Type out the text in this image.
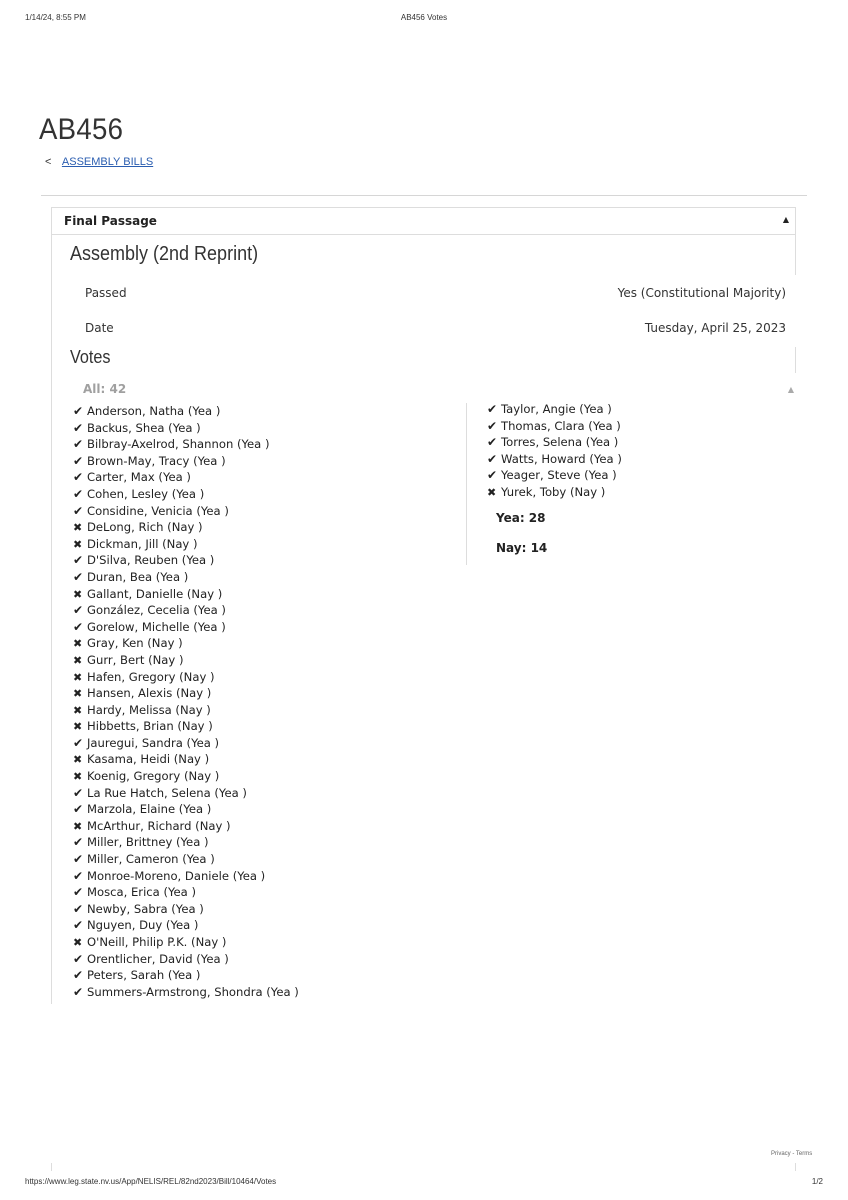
1/14/24, 8:55 PM	AB456 Votes
AB456
< ASSEMBLY BILLS
Final Passage	▲
Assembly (2nd Reprint)
Passed	Yes (Constitutional Majority)
Date	Tuesday, April 25, 2023
Votes
All: 42	▲
✔ Anderson, Natha (Yea )
✔ Backus, Shea (Yea )
✔ Bilbray-Axelrod, Shannon (Yea )
✔ Brown-May, Tracy (Yea )
✔ Carter, Max (Yea )
✔ Cohen, Lesley (Yea )
✔ Considine, Venicia (Yea )
✖ DeLong, Rich (Nay )
✖ Dickman, Jill (Nay )
✔ D'Silva, Reuben (Yea )
✔ Duran, Bea (Yea )
✖ Gallant, Danielle (Nay )
✔ González, Cecelia (Yea )
✔ Gorelow, Michelle (Yea )
✖ Gray, Ken (Nay )
✖ Gurr, Bert (Nay )
✖ Hafen, Gregory (Nay )
✖ Hansen, Alexis (Nay )
✖ Hardy, Melissa (Nay )
✖ Hibbetts, Brian (Nay )
✔ Jauregui, Sandra (Yea )
✖ Kasama, Heidi (Nay )
✖ Koenig, Gregory (Nay )
✔ La Rue Hatch, Selena (Yea )
✔ Marzola, Elaine (Yea )
✖ McArthur, Richard (Nay )
✔ Miller, Brittney (Yea )
✔ Miller, Cameron (Yea )
✔ Monroe-Moreno, Daniele (Yea )
✔ Mosca, Erica (Yea )
✔ Newby, Sabra (Yea )
✔ Nguyen, Duy (Yea )
✖ O'Neill, Philip P.K. (Nay )
✔ Orentlicher, David (Yea )
✔ Peters, Sarah (Yea )
✔ Summers-Armstrong, Shondra (Yea )
✔ Taylor, Angie (Yea )
✔ Thomas, Clara (Yea )
✔ Torres, Selena (Yea )
✔ Watts, Howard (Yea )
✔ Yeager, Steve (Yea )
✖ Yurek, Toby (Nay )
Yea: 28
Nay: 14
Privacy - Terms
https://www.leg.state.nv.us/App/NELIS/REL/82nd2023/Bill/10464/Votes	1/2
